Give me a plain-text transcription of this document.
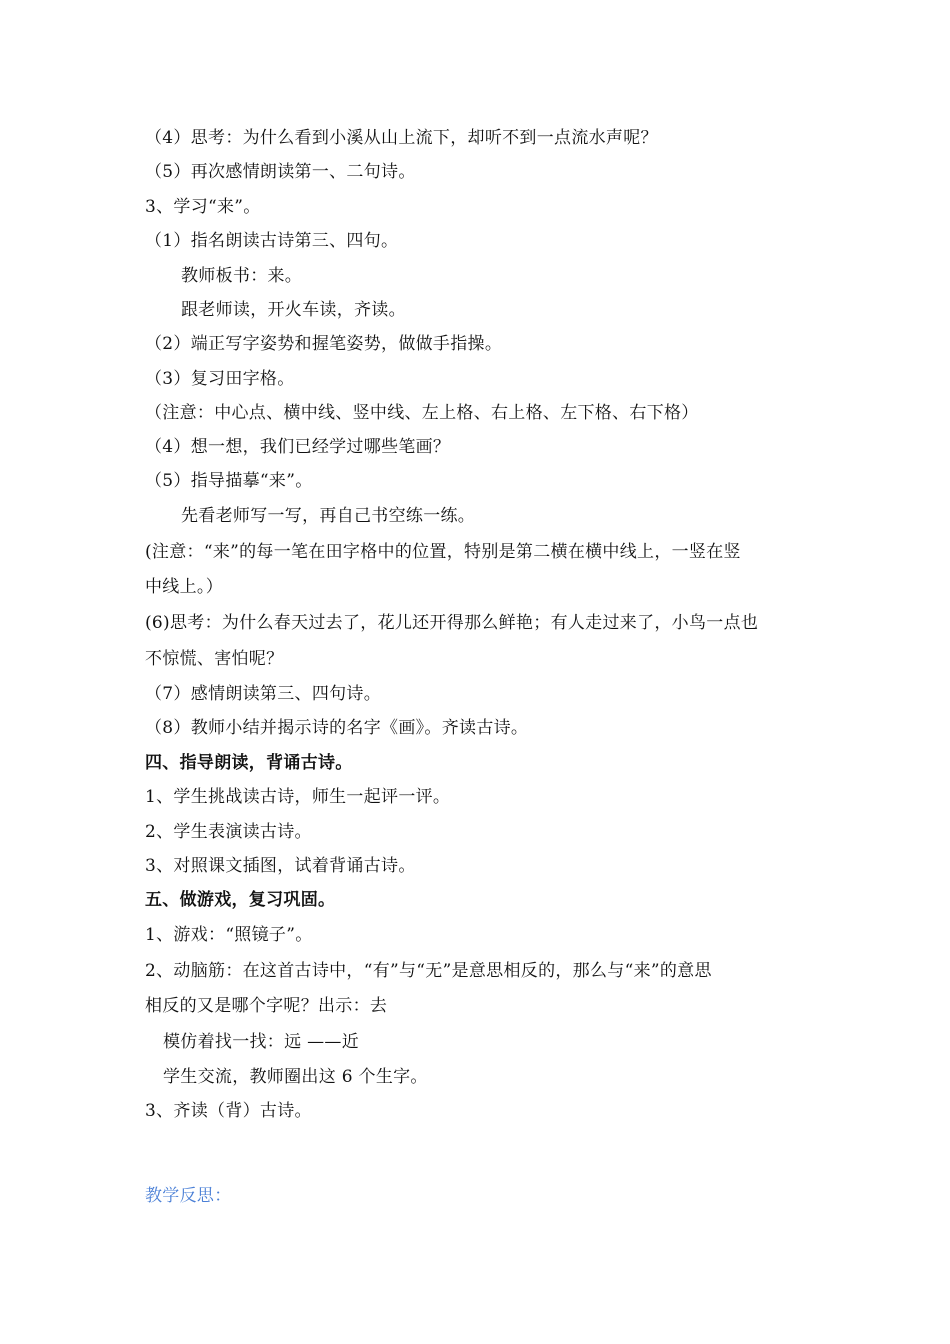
（4）思考：为什么看到小溪从山上流下，却听不到一点流水声呢？
（5）再次感情朗读第一、二句诗。
3、学习“来”。
（1）指名朗读古诗第三、四句。
教师板书：来。
跟老师读，开火车读，齐读。
（2）端正写字姿势和握笔姿势，做做手指操。
（3）复习田字格。
（注意：中心点、横中线、竖中线、左上格、右上格、左下格、右下格）
（4）想一想，我们已经学过哪些笔画？
（5）指导描摹“来”。
先看老师写一写，再自己书空练一练。
(注意：“来”的每一笔在田字格中的位置，特别是第二横在横中线上，一竖在竖
中线上。）
(6)思考：为什么春天过去了，花儿还开得那么鲜艳；有人走过来了，小鸟一点也
不惊慌、害怕呢？
（7）感情朗读第三、四句诗。
（8）教师小结并揭示诗的名字《画》。齐读古诗。
四、指导朗读，背诵古诗。
1、学生挑战读古诗，师生一起评一评。
2、学生表演读古诗。
3、对照课文插图，试着背诵古诗。
五、做游戏，复习巩固。
1、游戏：“照镜子”。
2、动脑筋：在这首古诗中，“有”与“无”是意思相反的，那么与“来”的意思
相反的又是哪个字呢？出示：去
模仿着找一找：远 ——近
学生交流，教师圈出这 6 个生字。
3、齐读（背）古诗。
教学反思：
